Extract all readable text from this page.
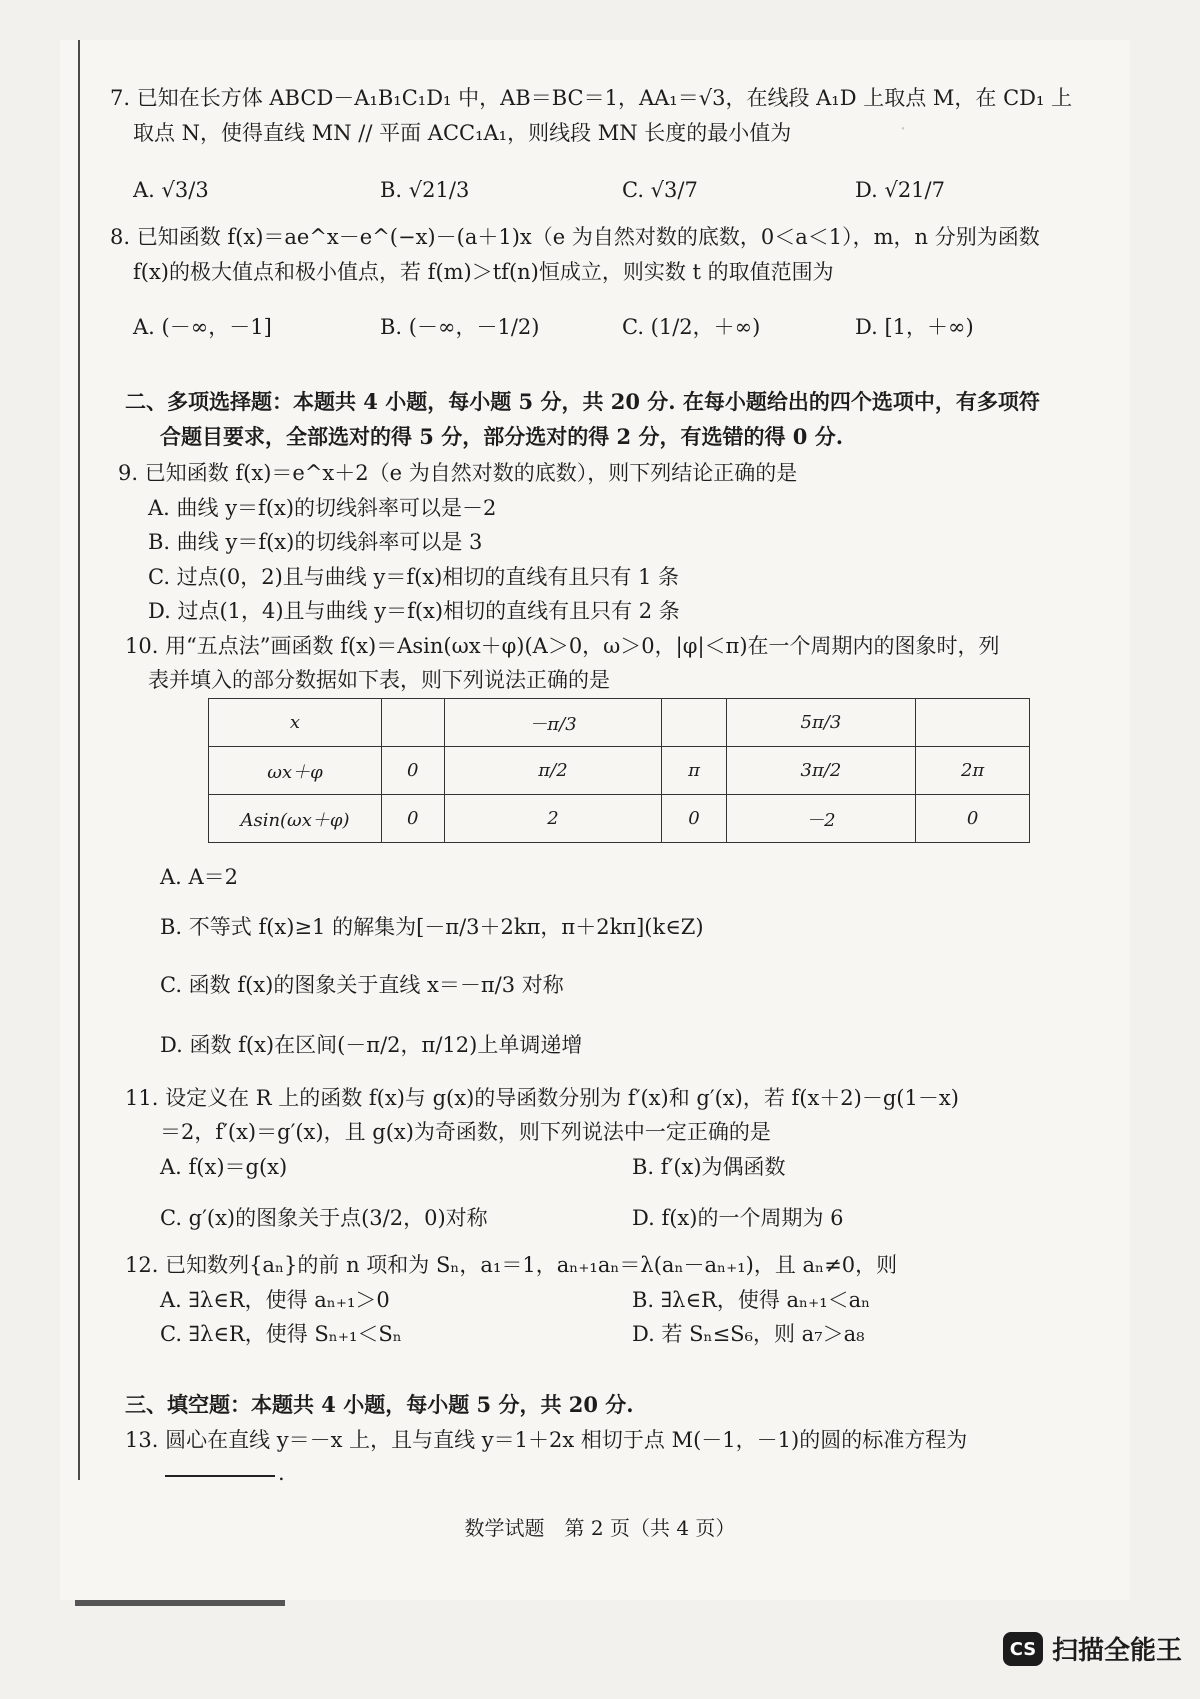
·
7. 已知在长方体 ABCD－A₁B₁C₁D₁ 中，AB＝BC＝1，AA₁＝√3，在线段 A₁D 上取点 M，在 CD₁ 上
取点 N，使得直线 MN // 平面 ACC₁A₁，则线段 MN 长度的最小值为
A. √3/3	B. √21/3	C. √3/7	D. √21/7
8. 已知函数 f(x)＝ae^x－e^(−x)－(a＋1)x（e 为自然对数的底数，0＜a＜1），m，n 分别为函数
f(x)的极大值点和极小值点，若 f(m)＞tf(n)恒成立，则实数 t 的取值范围为
A. (－∞，－1]	B. (－∞，－1/2)	C. (1/2，＋∞)	D. [1，＋∞)
二、多项选择题：本题共 4 小题，每小题 5 分，共 20 分. 在每小题给出的四个选项中，有多项符
合题目要求，全部选对的得 5 分，部分选对的得 2 分，有选错的得 0 分.
9. 已知函数 f(x)＝e^x＋2（e 为自然对数的底数），则下列结论正确的是
A. 曲线 y＝f(x)的切线斜率可以是－2
B. 曲线 y＝f(x)的切线斜率可以是 3
C. 过点(0，2)且与曲线 y＝f(x)相切的直线有且只有 1 条
D. 过点(1，4)且与曲线 y＝f(x)相切的直线有且只有 2 条
10. 用“五点法”画函数 f(x)＝Asin(ωx＋φ)(A＞0，ω＞0，|φ|＜π)在一个周期内的图象时，列
表并填入的部分数据如下表，则下列说法正确的是
x		－π/3		5π/3	
ωx＋φ	0	π/2	π	3π/2	2π
Asin(ωx＋φ)	0	2	0	－2	0
A. A＝2
B. 不等式 f(x)≥1 的解集为[－π/3＋2kπ，π＋2kπ](k∈Z)
C. 函数 f(x)的图象关于直线 x＝－π/3 对称
D. 函数 f(x)在区间(－π/2，π/12)上单调递增
11. 设定义在 R 上的函数 f(x)与 g(x)的导函数分别为 f′(x)和 g′(x)，若 f(x＋2)－g(1－x)
＝2，f′(x)＝g′(x)，且 g(x)为奇函数，则下列说法中一定正确的是
A. f(x)＝g(x)	B. f′(x)为偶函数
C. g′(x)的图象关于点(3/2，0)对称	D. f(x)的一个周期为 6
12. 已知数列{aₙ}的前 n 项和为 Sₙ，a₁＝1，aₙ₊₁aₙ＝λ(aₙ－aₙ₊₁)，且 aₙ≠0，则
A. ∃λ∈R，使得 aₙ₊₁＞0	B. ∃λ∈R，使得 aₙ₊₁＜aₙ
C. ∃λ∈R，使得 Sₙ₊₁＜Sₙ	D. 若 Sₙ≤S₆，则 a₇＞a₈
三、填空题：本题共 4 小题，每小题 5 分，共 20 分.
13. 圆心在直线 y＝－x 上，且与直线 y＝1＋2x 相切于点 M(－1，－1)的圆的标准方程为
.
数学试题　第 2 页（共 4 页）
CS 扫描全能王
